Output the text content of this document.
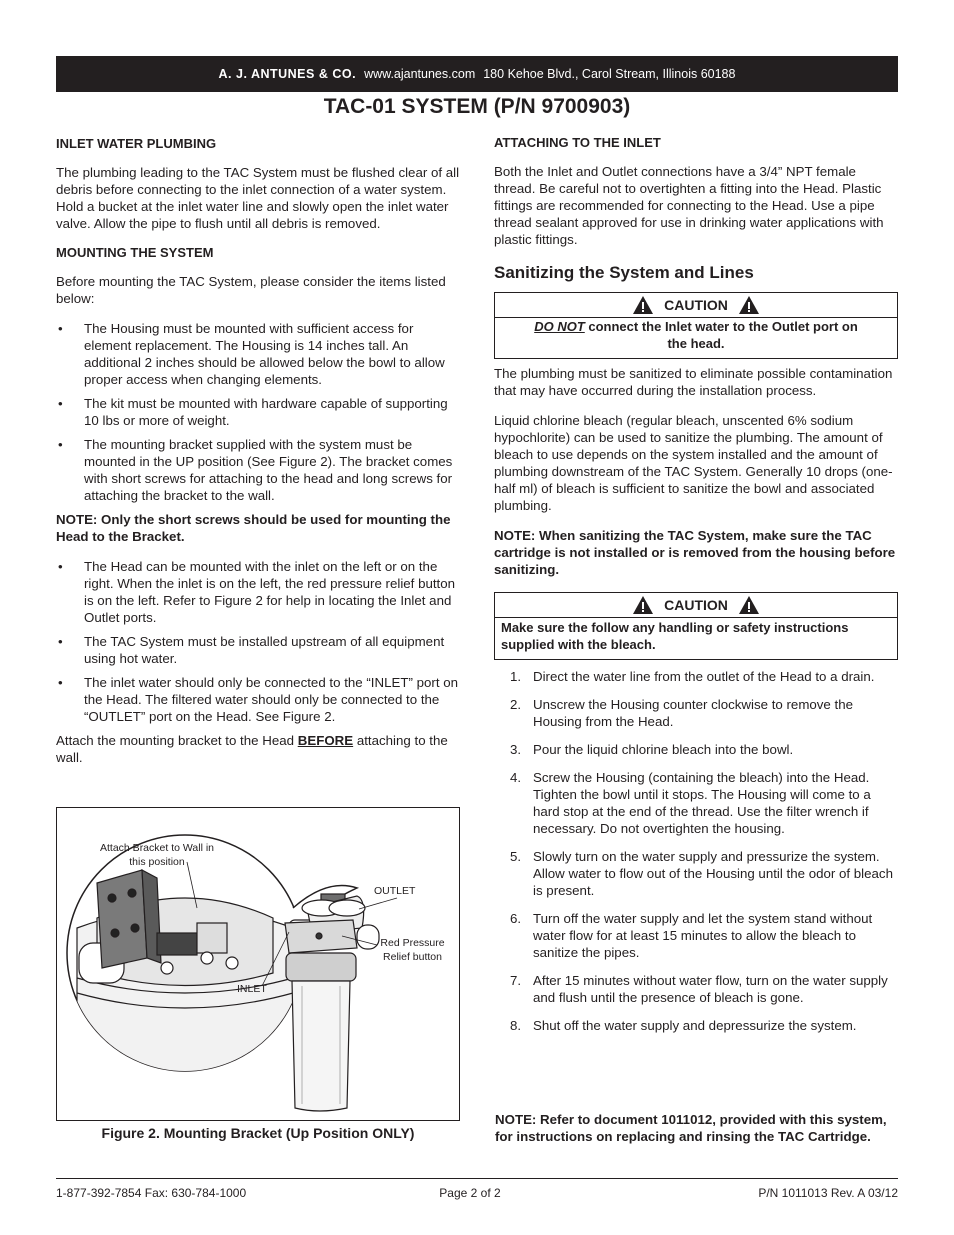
A. J. ANTUNES & CO. www.ajantunes.com 180 Kehoe Blvd., Carol Stream, Illinois 60188
TAC-01 SYSTEM (P/N 9700903)

INLET WATER PLUMBING

The plumbing leading to the TAC System must be flushed clear of all debris before connecting to the inlet connection of a water system. Hold a bucket at the inlet water line and slowly open the inlet water valve. Allow the pipe to flush until all debris is removed.

MOUNTING THE SYSTEM

Before mounting the TAC System, please consider the items listed below:

• The Housing must be mounted with sufficient access for element replacement. The Housing is 14 inches tall. An additional 2 inches should be allowed below the bowl to allow proper access when changing elements.
• The kit must be mounted with hardware capable of supporting 10 lbs or more of weight.
• The mounting bracket supplied with the system must be mounted in the UP position (See Figure 2). The bracket comes with short screws for attaching to the head and long screws for attaching the bracket to the wall.

NOTE: Only the short screws should be used for mounting the Head to the Bracket.

• The Head can be mounted with the inlet on the left or on the right. When the inlet is on the left, the red pressure relief button is on the left. Refer to Figure 2 for help in locating the Inlet and Outlet ports.
• The TAC System must be installed upstream of all equipment using hot water.
• The inlet water should only be connected to the “INLET” port on the Head. The filtered water should only be connected to the “OUTLET” port on the Head. See Figure 2.

Attach the mounting bracket to the Head BEFORE attaching to the wall.

Attach Bracket to Wall in this position
OUTLET
Red Pressure Relief button
INLET
Figure 2. Mounting Bracket (Up Position ONLY)

ATTACHING TO THE INLET

Both the Inlet and Outlet connections have a 3/4” NPT female thread. Be careful not to overtighten a fitting into the Head. Plastic fittings are recommended for connecting to the Head. Use a pipe thread sealant approved for use in drinking water applications with plastic fittings.

Sanitizing the System and Lines

CAUTION
DO NOT connect the Inlet water to the Outlet port on the head.

The plumbing must be sanitized to eliminate possible contamination that may have occurred during the installation process.

Liquid chlorine bleach (regular bleach, unscented 6% sodium hypochlorite) can be used to sanitize the plumbing. The amount of bleach to use depends on the system installed and the amount of plumbing downstream of the TAC System. Generally 10 drops (one-half ml) of bleach is sufficient to sanitize the bowl and associated plumbing.

NOTE: When sanitizing the TAC System, make sure the TAC cartridge is not installed or is removed from the housing before sanitizing.

CAUTION
Make sure the follow any handling or safety instructions supplied with the bleach.
1. Direct the water line from the outlet of the Head to a drain.
2. Unscrew the Housing counter clockwise to remove the Housing from the Head.
3. Pour the liquid chlorine bleach into the bowl.
4. Screw the Housing (containing the bleach) into the Head. Tighten the bowl until it stops. The Housing will come to a hard stop at the end of the thread. Use the filter wrench if necessary. Do not overtighten the housing.
5. Slowly turn on the water supply and pressurize the system. Allow water to flow out of the Housing until the odor of bleach is present.
6. Turn off the water supply and let the system stand without water flow for at least 15 minutes to allow the bleach to sanitize the pipes.
7. After 15 minutes without water flow, turn on the water supply and flush until the presence of bleach is gone.
8. Shut off the water supply and depressurize the system.

NOTE: Refer to document 1011012, provided with this system, for instructions on replacing and rinsing the TAC Cartridge.

1-877-392-7854 Fax: 630-784-1000	Page 2 of 2	P/N 1011013 Rev. A 03/12
